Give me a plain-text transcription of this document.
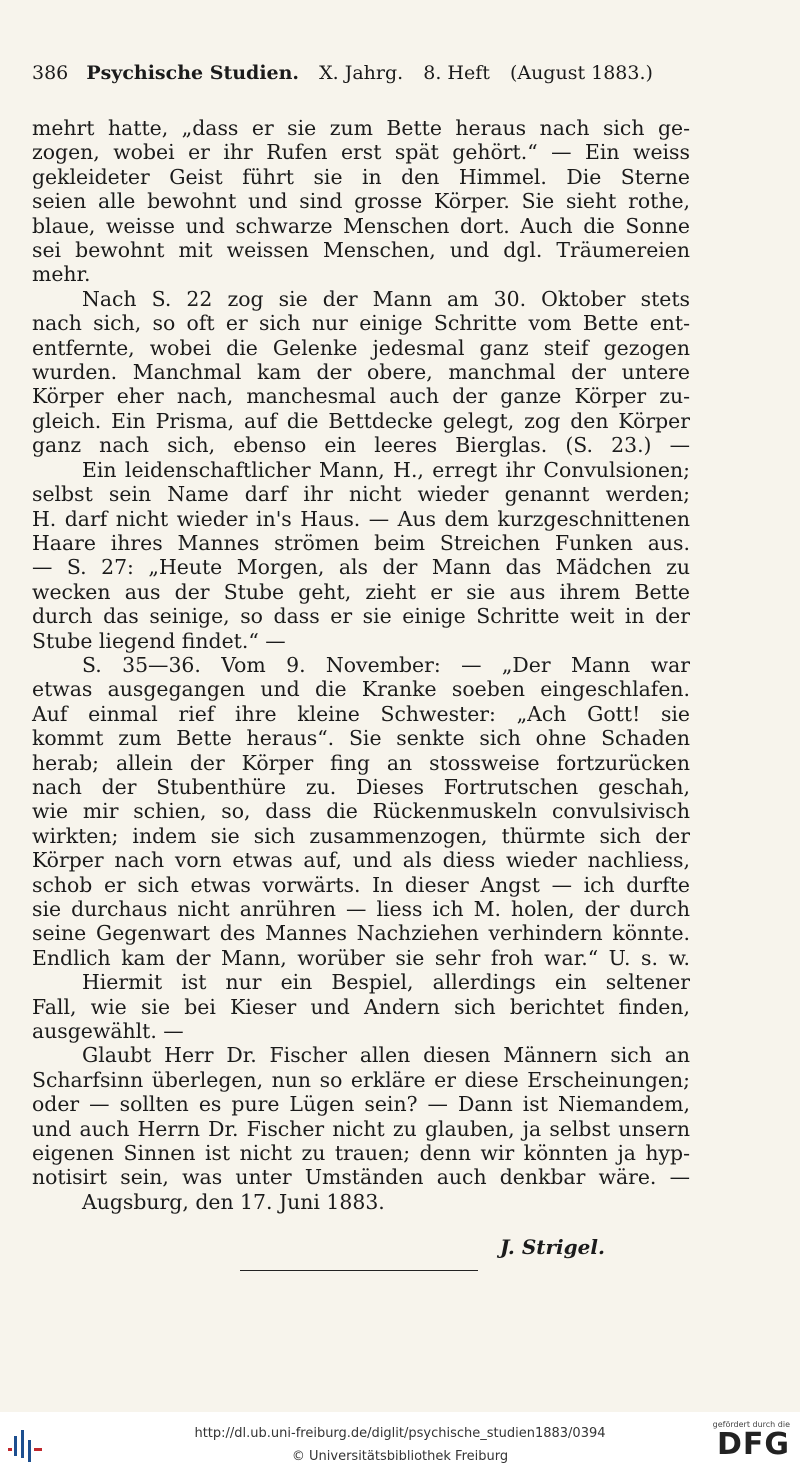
386 Psychische Studien. X. Jahrg. 8. Heft (August 1883.)
mehrt hatte, „dass er sie zum Bette heraus nach sich ge-
zogen, wobei er ihr Rufen erst spät gehört.“ — Ein weiss
gekleideter Geist führt sie in den Himmel. Die Sterne
seien alle bewohnt und sind grosse Körper. Sie sieht rothe,
blaue, weisse und schwarze Menschen dort. Auch die Sonne
sei bewohnt mit weissen Menschen, und dgl. Träumereien
mehr.
Nach S. 22 zog sie der Mann am 30. Oktober stets
nach sich, so oft er sich nur einige Schritte vom Bette ent-
entfernte, wobei die Gelenke jedesmal ganz steif gezogen
wurden. Manchmal kam der obere, manchmal der untere
Körper eher nach, manchesmal auch der ganze Körper zu-
gleich. Ein Prisma, auf die Bettdecke gelegt, zog den Körper
ganz nach sich, ebenso ein leeres Bierglas. (S. 23.) —
Ein leidenschaftlicher Mann, H., erregt ihr Convulsionen;
selbst sein Name darf ihr nicht wieder genannt werden;
H. darf nicht wieder in's Haus. — Aus dem kurzgeschnittenen
Haare ihres Mannes strömen beim Streichen Funken aus.
— S. 27: „Heute Morgen, als der Mann das Mädchen zu
wecken aus der Stube geht, zieht er sie aus ihrem Bette
durch das seinige, so dass er sie einige Schritte weit in der
Stube liegend findet.“ —
S. 35—36. Vom 9. November: — „Der Mann war
etwas ausgegangen und die Kranke soeben eingeschlafen.
Auf einmal rief ihre kleine Schwester: „Ach Gott! sie
kommt zum Bette heraus“. Sie senkte sich ohne Schaden
herab; allein der Körper fing an stossweise fortzurücken
nach der Stubenthüre zu. Dieses Fortrutschen geschah,
wie mir schien, so, dass die Rückenmuskeln convulsivisch
wirkten; indem sie sich zusammenzogen, thürmte sich der
Körper nach vorn etwas auf, und als diess wieder nachliess,
schob er sich etwas vorwärts. In dieser Angst — ich durfte
sie durchaus nicht anrühren — liess ich M. holen, der durch
seine Gegenwart des Mannes Nachziehen verhindern könnte.
Endlich kam der Mann, worüber sie sehr froh war.“ U. s. w.
Hiermit ist nur ein Bespiel, allerdings ein seltener
Fall, wie sie bei Kieser und Andern sich berichtet finden,
ausgewählt. —
Glaubt Herr Dr. Fischer allen diesen Männern sich an
Scharfsinn überlegen, nun so erkläre er diese Erscheinungen;
oder — sollten es pure Lügen sein? — Dann ist Niemandem,
und auch Herrn Dr. Fischer nicht zu glauben, ja selbst unsern
eigenen Sinnen ist nicht zu trauen; denn wir könnten ja hyp-
notisirt sein, was unter Umständen auch denkbar wäre. —
Augsburg, den 17. Juni 1883.
J. Strigel.
http://dl.ub.uni-freiburg.de/diglit/psychische_studien1883/0394
© Universitätsbibliothek Freiburg
gefördert durch die
DFG
